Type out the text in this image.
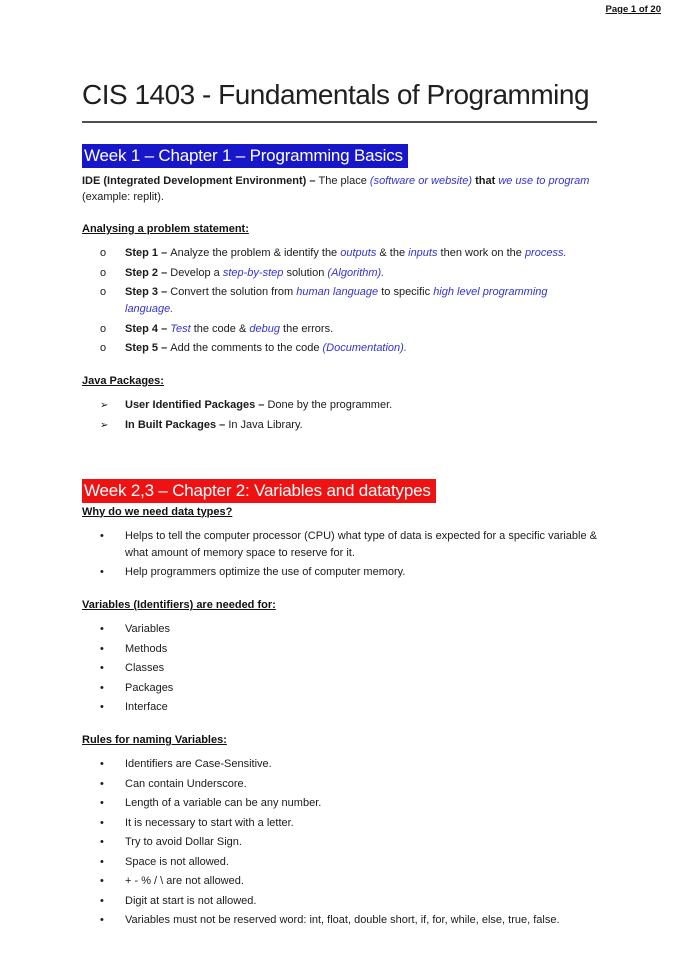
Page 1 of 20
CIS 1403 - Fundamentals of Programming
Week 1 – Chapter 1 – Programming Basics

IDE (Integrated Development Environment) – The place (software or website) that we use to program (example: replit).

Analysing a problem statement:
o	Step 1 – Analyze the problem & identify the outputs & the inputs then work on the process.
o	Step 2 – Develop a step-by-step solution (Algorithm).
o	Step 3 – Convert the solution from human language to specific high level programming language.
o	Step 4 – Test the code & debug the errors.
o	Step 5 – Add the comments to the code (Documentation).
Java Packages:
➢	User Identified Packages – Done by the programmer.
➢	In Built Packages – In Java Library.
Week 2,3 – Chapter 2: Variables and datatypes
Why do we need data types?
•	Helps to tell the computer processor (CPU) what type of data is expected for a specific variable & what amount of memory space to reserve for it.
•	Help programmers optimize the use of computer memory.
Variables (Identifiers) are needed for:
•	Variables
•	Methods
•	Classes
•	Packages
•	Interface
Rules for naming Variables:
•	Identifiers are Case-Sensitive.
•	Can contain Underscore.
•	Length of a variable can be any number.
•	It is necessary to start with a letter.
•	Try to avoid Dollar Sign.
•	Space is not allowed.
•	+ - % / \ are not allowed.
•	Digit at start is not allowed.
•	Variables must not be reserved word: int, float, double short, if, for, while, else, true, false.
